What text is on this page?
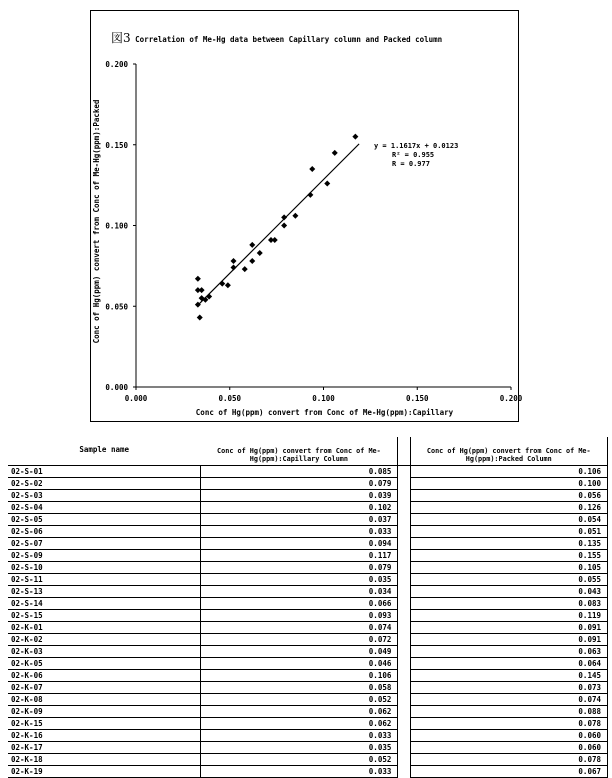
図3 Correlation of Me-Hg data between Capillary column and Packed column
0.000
0.000
0.050
0.050
0.100
0.100
0.150
0.150
0.200
0.200
Conc of Hg(ppm) convert from Conc of Me-Hg(ppm):Packed
Conc of Hg(ppm) convert from Conc of Me-Hg(ppm):Capillary
y = 1.1617x + 0.0123
R² = 0.955
R = 0.977
Sample name	Conc of Hg(ppm) convert from Conc of Me-Hg(ppm):Capillary Column		Conc of Hg(ppm) convert from Conc of Me-Hg(ppm):Packed Column
02-S-01	0.085		0.106
02-S-02	0.079		0.100
02-S-03	0.039		0.056
02-S-04	0.102		0.126
02-S-05	0.037		0.054
02-S-06	0.033		0.051
02-S-07	0.094		0.135
02-S-09	0.117		0.155
02-S-10	0.079		0.105
02-S-11	0.035		0.055
02-S-13	0.034		0.043
02-S-14	0.066		0.083
02-S-15	0.093		0.119
02-K-01	0.074		0.091
02-K-02	0.072		0.091
02-K-03	0.049		0.063
02-K-05	0.046		0.064
02-K-06	0.106		0.145
02-K-07	0.058		0.073
02-K-08	0.052		0.074
02-K-09	0.062		0.088
02-K-15	0.062		0.078
02-K-16	0.033		0.060
02-K-17	0.035		0.060
02-K-18	0.052		0.078
02-K-19	0.033		0.067
